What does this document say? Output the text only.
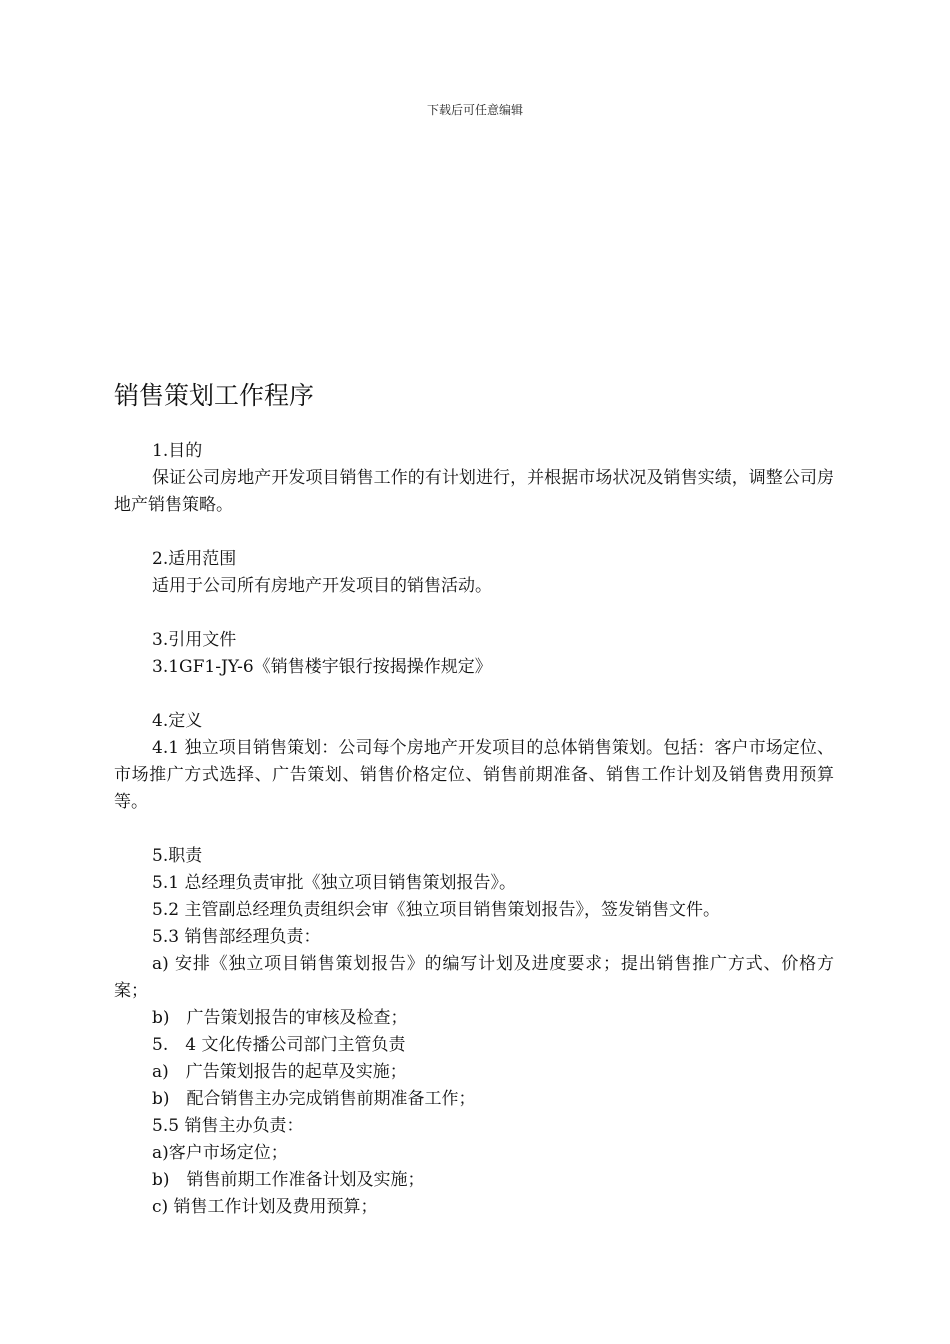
下载后可任意编辑
销售策划工作程序

1.目的

保证公司房地产开发项目销售工作的有计划进行，并根据市场状况及销售实绩，调整公司房地产销售策略。

2.适用范围

适用于公司所有房地产开发项目的销售活动。

3.引用文件

3.1GF1-JY-6《销售楼宇银行按揭操作规定》

4.定义

4.1 独立项目销售策划：公司每个房地产开发项目的总体销售策划。包括：客户市场定位、市场推广方式选择、广告策划、销售价格定位、销售前期准备、销售工作计划及销售费用预算等。

5.职责

5.1 总经理负责审批《独立项目销售策划报告》。

5.2 主管副总经理负责组织会审《独立项目销售策划报告》，签发销售文件。

5.3 销售部经理负责：

a) 安排《独立项目销售策划报告》的编写计划及进度要求；提出销售推广方式、价格方案；

b)　广告策划报告的审核及检查；

5.　4 文化传播公司部门主管负责

a)　广告策划报告的起草及实施；

b)　配合销售主办完成销售前期准备工作；

5.5 销售主办负责：

a)客户市场定位；

b)　销售前期工作准备计划及实施；

c) 销售工作计划及费用预算；
